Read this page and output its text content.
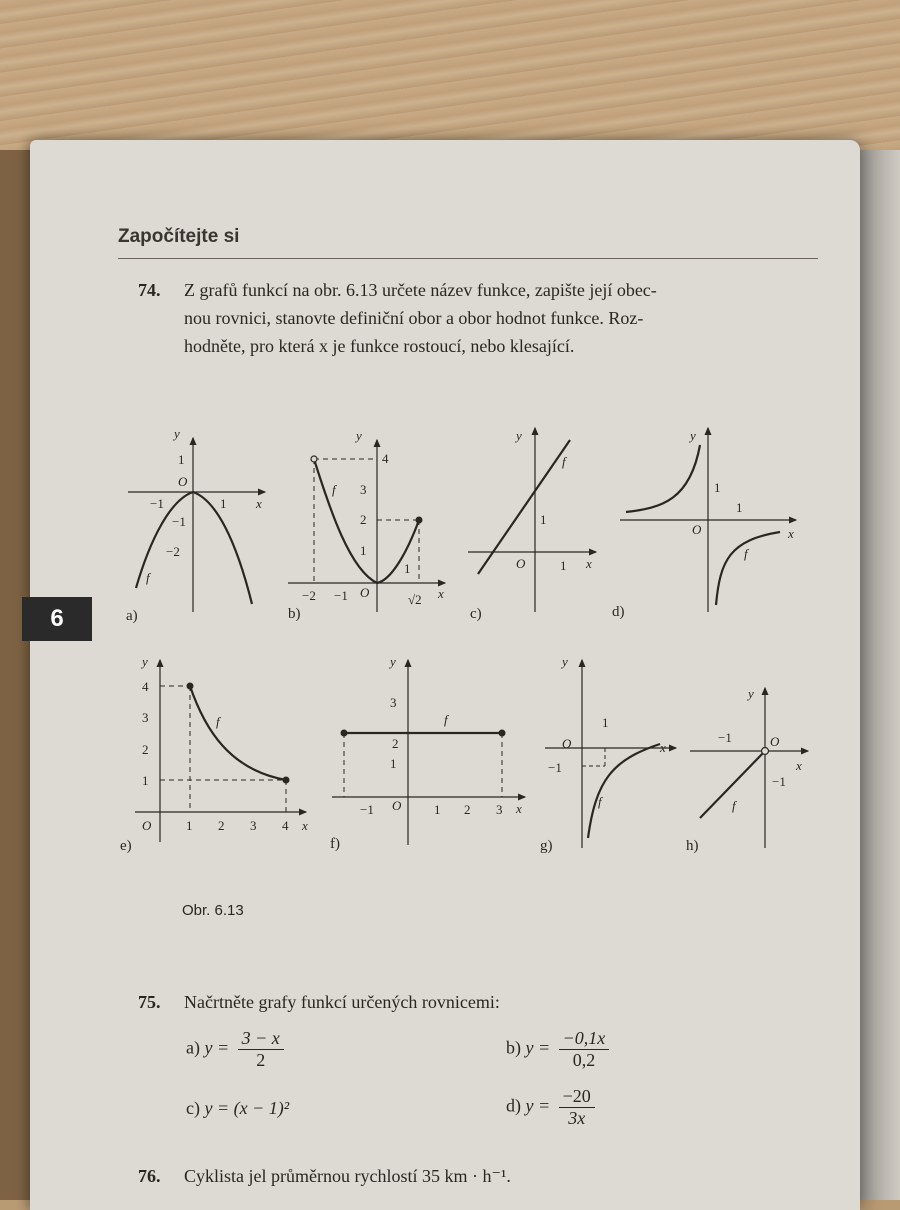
Započítejte si
74. Z grafů funkcí na obr. 6.13 určete název funkce, zapište její obec-
nou rovnici, stanovte definiční obor a obor hodnot funkce. Roz-
hodněte, pro která x je funkce rostoucí, nebo klesající.
6
y
x
1
−1
−1
−2
1
O
f
a)
y
x
4
3
2
1
−2 −1 O
1
√2
f
b)
y
x
1
O	1
f
c)
y
x
1
1
O
f
d)
y
x
4
3
2
1
O	1 2 3 4
f
e)
y
x
3
2
1
−1 O	1 2 3
f
f)
y
x
1
O
−1
f
g)
y
x
−1	O
−1
f
h)
Obr. 6.13
75. Načrtněte grafy funkcí určených rovnicemi:
a) $y = \frac{3 - x}{2}$	b) $y = \frac{-0,1x}{0,2}$
c) y = (x − 1)²	d) $y = \frac{-20}{3x}$
76. Cyklista jel průměrnou rychlostí 35 km · h⁻¹.
